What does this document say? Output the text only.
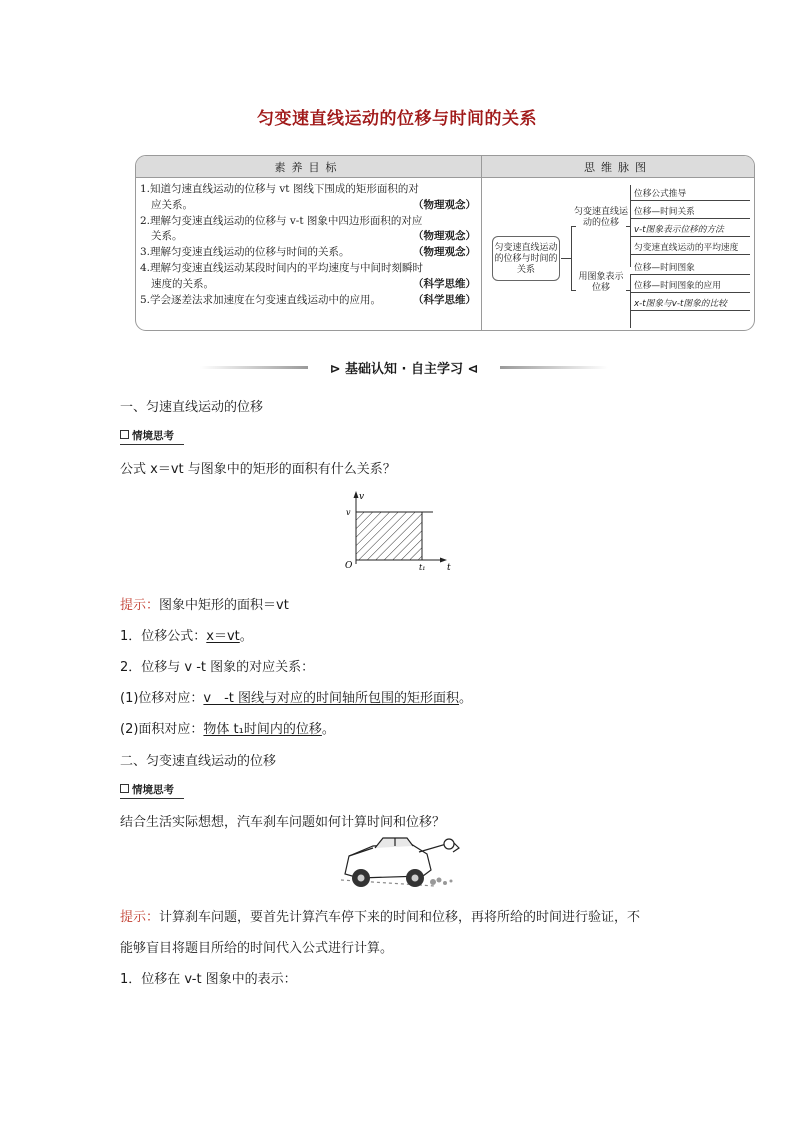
匀变速直线运动的位移与时间的关系
素养目标	思维脉图
1.知道匀速直线运动的位移与 vt 图线下围成的矩形面积的对
应关系。	（物理观念）
2.理解匀变速直线运动的位移与 v-t 图象中四边形面积的对应
关系。	（物理观念）
3.理解匀变速直线运动的位移与时间的关系。	（物理观念）
4.理解匀变速直线运动某段时间内的平均速度与中间时刻瞬时
速度的关系。	（科学思维）
5.学会逐差法求加速度在匀变速直线运动中的应用。	（科学思维）
匀变速直线运动的位移与时间的关系
匀变速直线运动的位移
用图象表示位移
位移公式推导
位移—时间关系
v-t图象表示位移的方法
匀变速直线运动的平均速度
位移—时间图象
位移—时间图象的应用
x-t图象与v-t图象的比较
⊳ 基础认知 · 自主学习 ⊲
一、匀速直线运动的位移
情境思考
公式 x＝vt 与图象中的矩形的面积有什么关系？
v
t
O
v
t₁
提示：图象中矩形的面积＝vt
1．位移公式：x＝vt。
2．位移与 v -t 图象的对应关系：
(1)位移对应：v　-t 图线与对应的时间轴所包围的矩形面积。
(2)面积对应：物体 t₁时间内的位移。
二、匀变速直线运动的位移
情境思考
结合生活实际想想，汽车刹车问题如何计算时间和位移？
提示：计算刹车问题，要首先计算汽车停下来的时间和位移，再将所给的时间进行验证，不
能够盲目将题目所给的时间代入公式进行计算。
1．位移在 v-t 图象中的表示：
